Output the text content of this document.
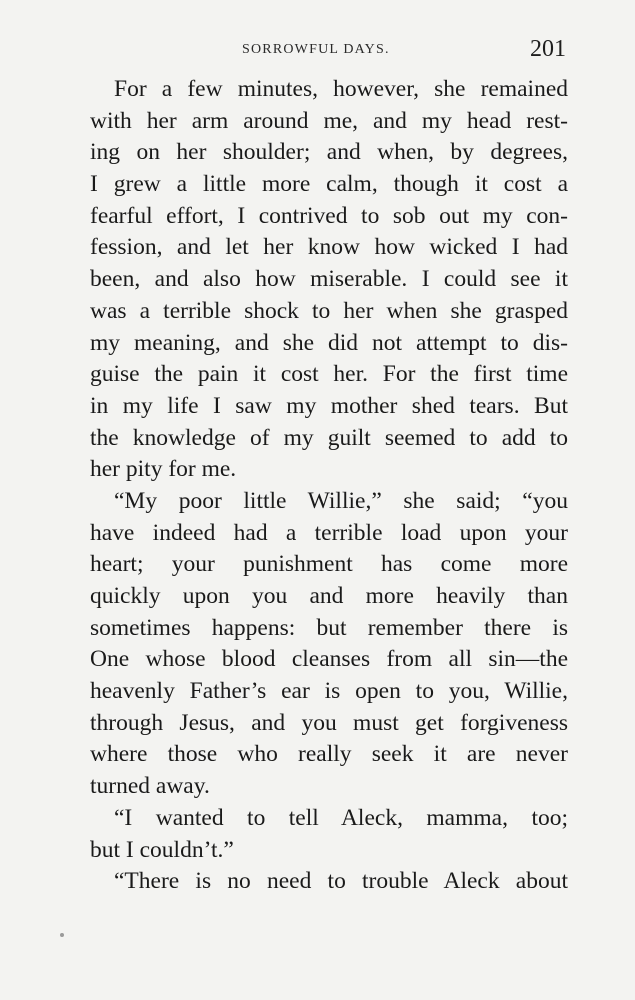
SORROWFUL DAYS.	201
For a few minutes, however, she remained
with her arm around me, and my head rest-
ing on her shoulder; and when, by degrees,
I grew a little more calm, though it cost a
fearful effort, I contrived to sob out my con-
fession, and let her know how wicked I had
been, and also how miserable. I could see it
was a terrible shock to her when she grasped
my meaning, and she did not attempt to dis-
guise the pain it cost her. For the first time
in my life I saw my mother shed tears. But
the knowledge of my guilt seemed to add to
her pity for me.
“My poor little Willie,” she said; “you
have indeed had a terrible load upon your
heart; your punishment has come more
quickly upon you and more heavily than
sometimes happens: but remember there is
One whose blood cleanses from all sin—the
heavenly Father’s ear is open to you, Willie,
through Jesus, and you must get forgiveness
where those who really seek it are never
turned away.
“I wanted to tell Aleck, mamma, too;
but I couldn’t.”
“There is no need to trouble Aleck about
